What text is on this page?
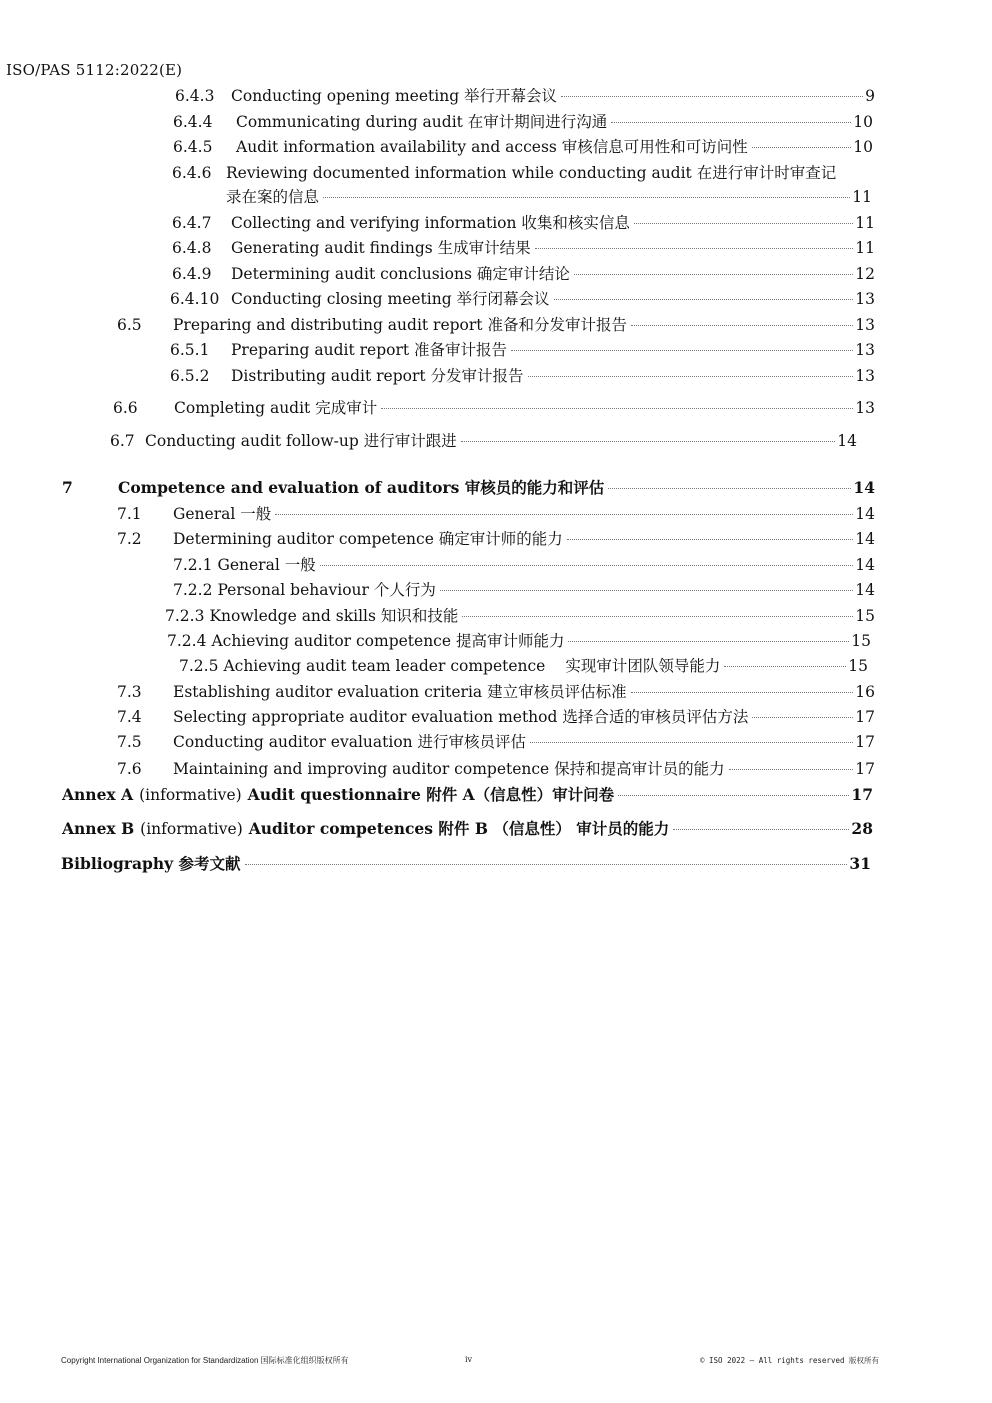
ISO/PAS 5112:2022(E)
6.4.3	Conducting opening meeting 举行开幕会议	9
6.4.4	Communicating during audit 在审计期间进行沟通	10
6.4.5	Audit information availability and access 审核信息可用性和可访问性	10
6.4.6 Reviewing documented information while conducting audit 在进行审计时审查记
录在案的信息	11
6.4.7	Collecting and verifying information 收集和核实信息	11
6.4.8	Generating audit findings 生成审计结果	11
6.4.9	Determining audit conclusions 确定审计结论	12
6.4.10 Conducting closing meeting 举行闭幕会议	13
6.5	Preparing and distributing audit report 准备和分发审计报告	13
6.5.1	Preparing audit report 准备审计报告	13
6.5.2	Distributing audit report 分发审计报告	13
6.6	Completing audit 完成审计	13
6.7 Conducting audit follow-up 进行审计跟进	14
7	Competence and evaluation of auditors 审核员的能力和评估	14
7.1	General 一般	14
7.2	Determining auditor competence 确定审计师的能力	14
7.2.1 General 一般	14
7.2.2 Personal behaviour 个人行为	14
7.2.3 Knowledge and skills 知识和技能	15
7.2.4 Achieving auditor competence 提高审计师能力	15
7.2.5 Achieving audit team leader competence 实现审计团队领导能力	15
7.3	Establishing auditor evaluation criteria 建立审核员评估标准	16
7.4	Selecting appropriate auditor evaluation method 选择合适的审核员评估方法	17
7.5	Conducting auditor evaluation 进行审核员评估	17
7.6	Maintaining and improving auditor competence 保持和提高审计员的能力	17
Annex A (informative) Audit questionnaire 附件 A（信息性）审计问卷	17
Annex B (informative) Auditor competences 附件 B （信息性） 审计员的能力	28
Bibliography 参考文献	31
Copyright International Organization for Standardization 国际标准化组织版权所有	iv	© ISO 2022 – All rights reserved 版权所有
